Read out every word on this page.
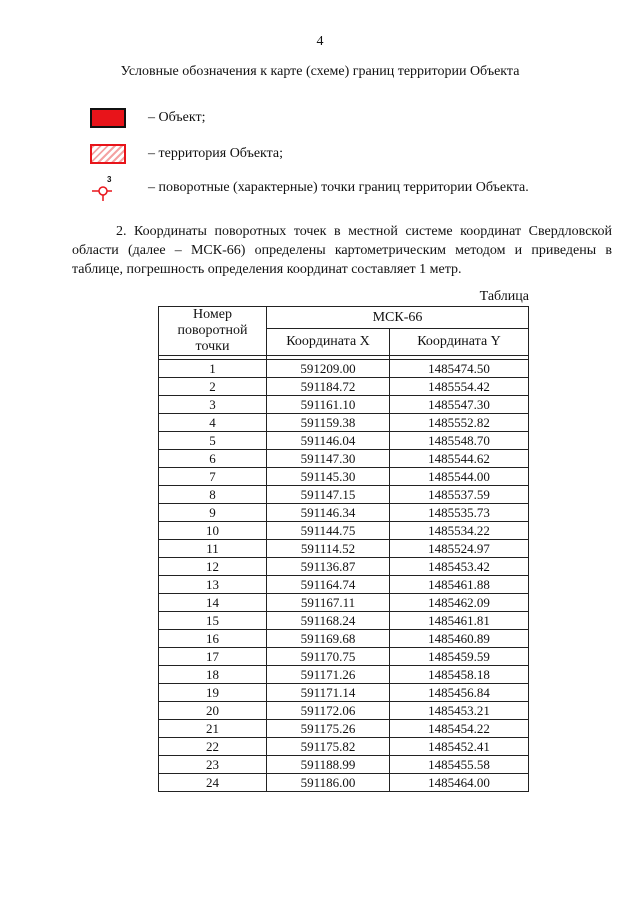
4
Условные обозначения к карте (схеме) границ территории Объекта
– Объект;
– территория Объекта;
3
– поворотные (характерные) точки границ территории Объекта.
2. Координаты поворотных точек в местной системе координат Свердловской области (далее – МСК-66) определены картометрическим методом и приведены в таблице, погрешность определения координат составляет 1 метр.
Таблица
Номер поворотной точки	МСК-66	
	Координата X	Координата Y

1	591209.00	1485474.50
2	591184.72	1485554.42
3	591161.10	1485547.30
4	591159.38	1485552.82
5	591146.04	1485548.70
6	591147.30	1485544.62
7	591145.30	1485544.00
8	591147.15	1485537.59
9	591146.34	1485535.73
10	591144.75	1485534.22
11	591114.52	1485524.97
12	591136.87	1485453.42
13	591164.74	1485461.88
14	591167.11	1485462.09
15	591168.24	1485461.81
16	591169.68	1485460.89
17	591170.75	1485459.59
18	591171.26	1485458.18
19	591171.14	1485456.84
20	591172.06	1485453.21
21	591175.26	1485454.22
22	591175.82	1485452.41
23	591188.99	1485455.58
24	591186.00	1485464.00
